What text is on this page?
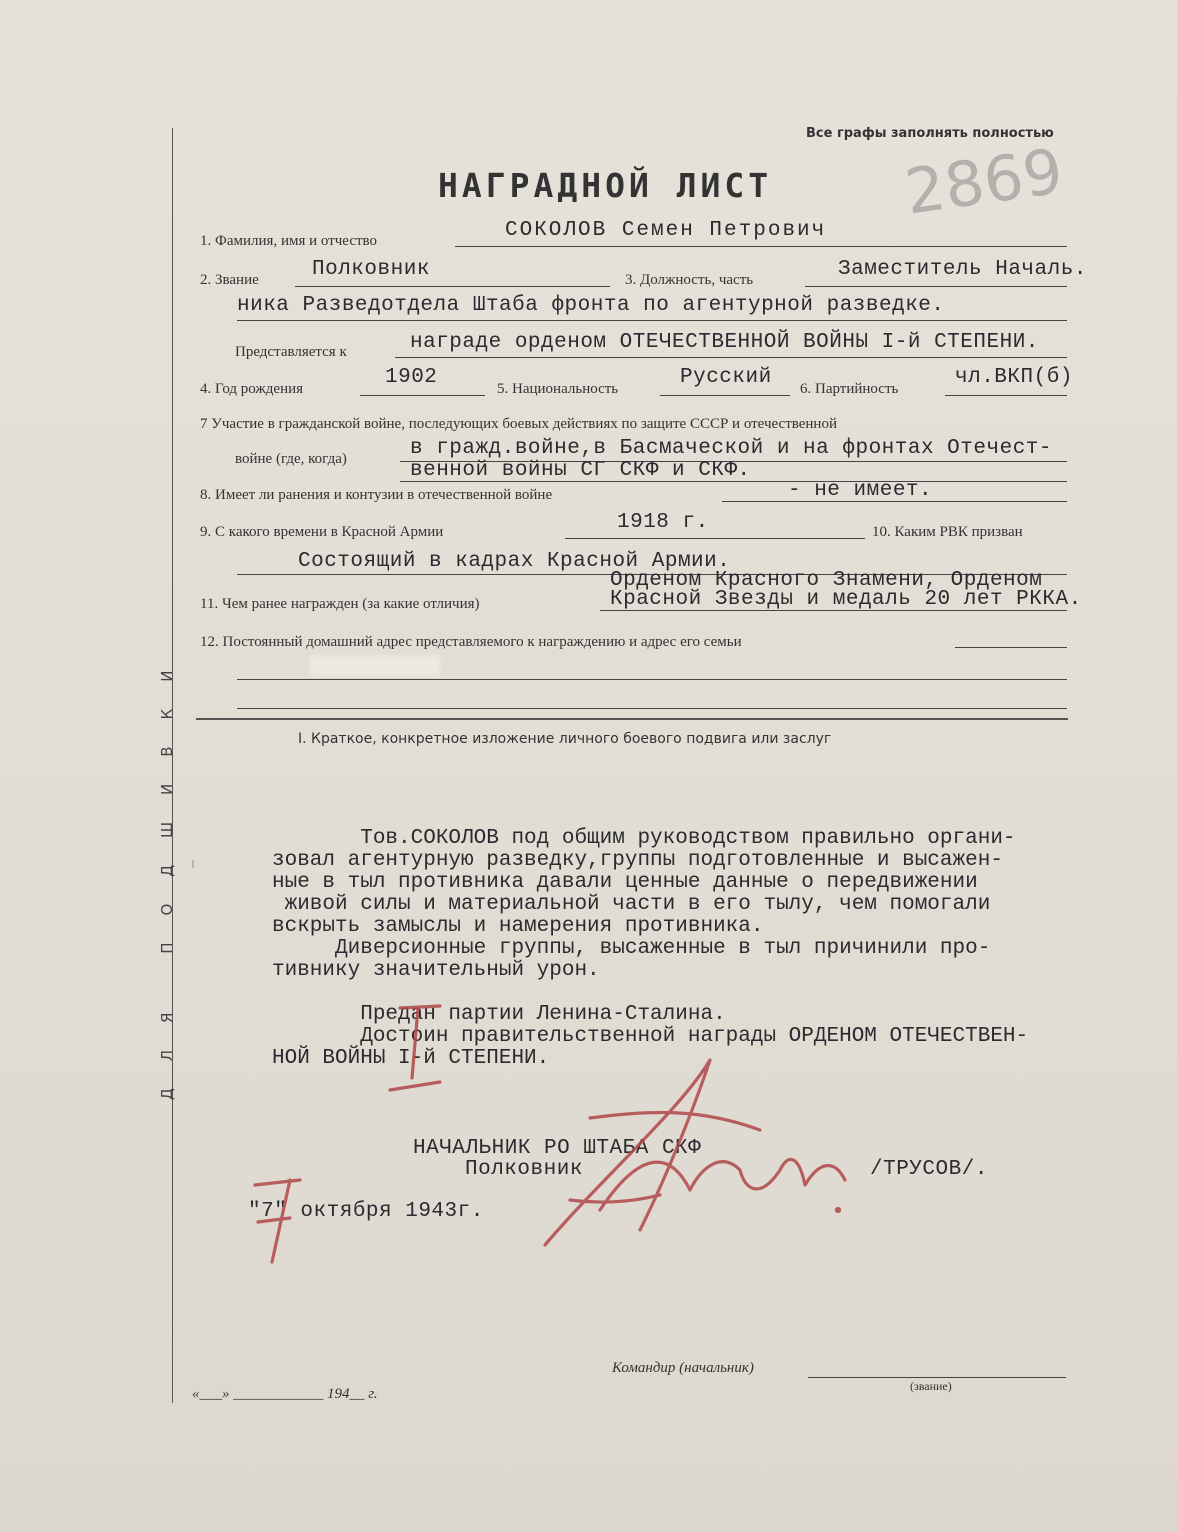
ДЛЯ ПОДШИВКИ
Все графы заполнять полностью
2869
НАГРАДНОЙ ЛИСТ
1. Фамилия, имя и отчество	СОКОЛОВ Семен Петрович
2. Звание	Полковник	3. Должность, часть	Заместитель Началь.
ника Разведотдела Штаба фронта по агентурной разведке.
Представляется к	награде орденом ОТЕЧЕСТВЕННОЙ ВОЙНЫ I-й СТЕПЕНИ.
4. Год рождения	1902	5. Национальность	Русский 6. Партийность	чл.ВКП(б)
7 Участие в гражданской войне, последующих боевых действиях по защите СССР и отечественной
войне (где, когда)	в гражд.войне,в Басмаческой и на фронтах Отечест-
венной войны СГ СКФ и СКФ.
8. Имеет ли ранения и контузии в отечественной войне	- не имеет.
9. С какого времени в Красной Армии	1918 г.	10. Каким РВК призван
Состоящий в кадрах Красной Армии.
11. Чем ранее награжден (за какие отличия)
Орденом Красного Знамени, Орденом
Красной Звезды и медаль 20 лет РККА.
12. Постоянный домашний адрес представляемого к награждению и адрес его семьи
I. Краткое, конкретное изложение личного боевого подвига или заслуг
Тов.СОКОЛОВ под общим руководством правильно органи-
зовал агентурную разведку,группы подготовленные и высажен-
ные в тыл противника давали ценные данные о передвижении
живой силы и материальной части в его тылу, чем помогали
вскрыть замыслы и намерения противника.
Диверсионные группы, высаженные в тыл причинили про-
тивнику значительный урон.
Предан партии Ленина-Сталина.
Достоин правительственной награды ОРДЕНОМ ОТЕЧЕСТВЕН-
НОЙ ВОЙНЫ I-й СТЕПЕНИ.
НАЧАЛЬНИК РО ШТАБА СКФ
Полковник	/ТРУСОВ/.
"7" октября 1943г.
Командир (начальник)
(звание)
«___» ____________ 194__ г.
